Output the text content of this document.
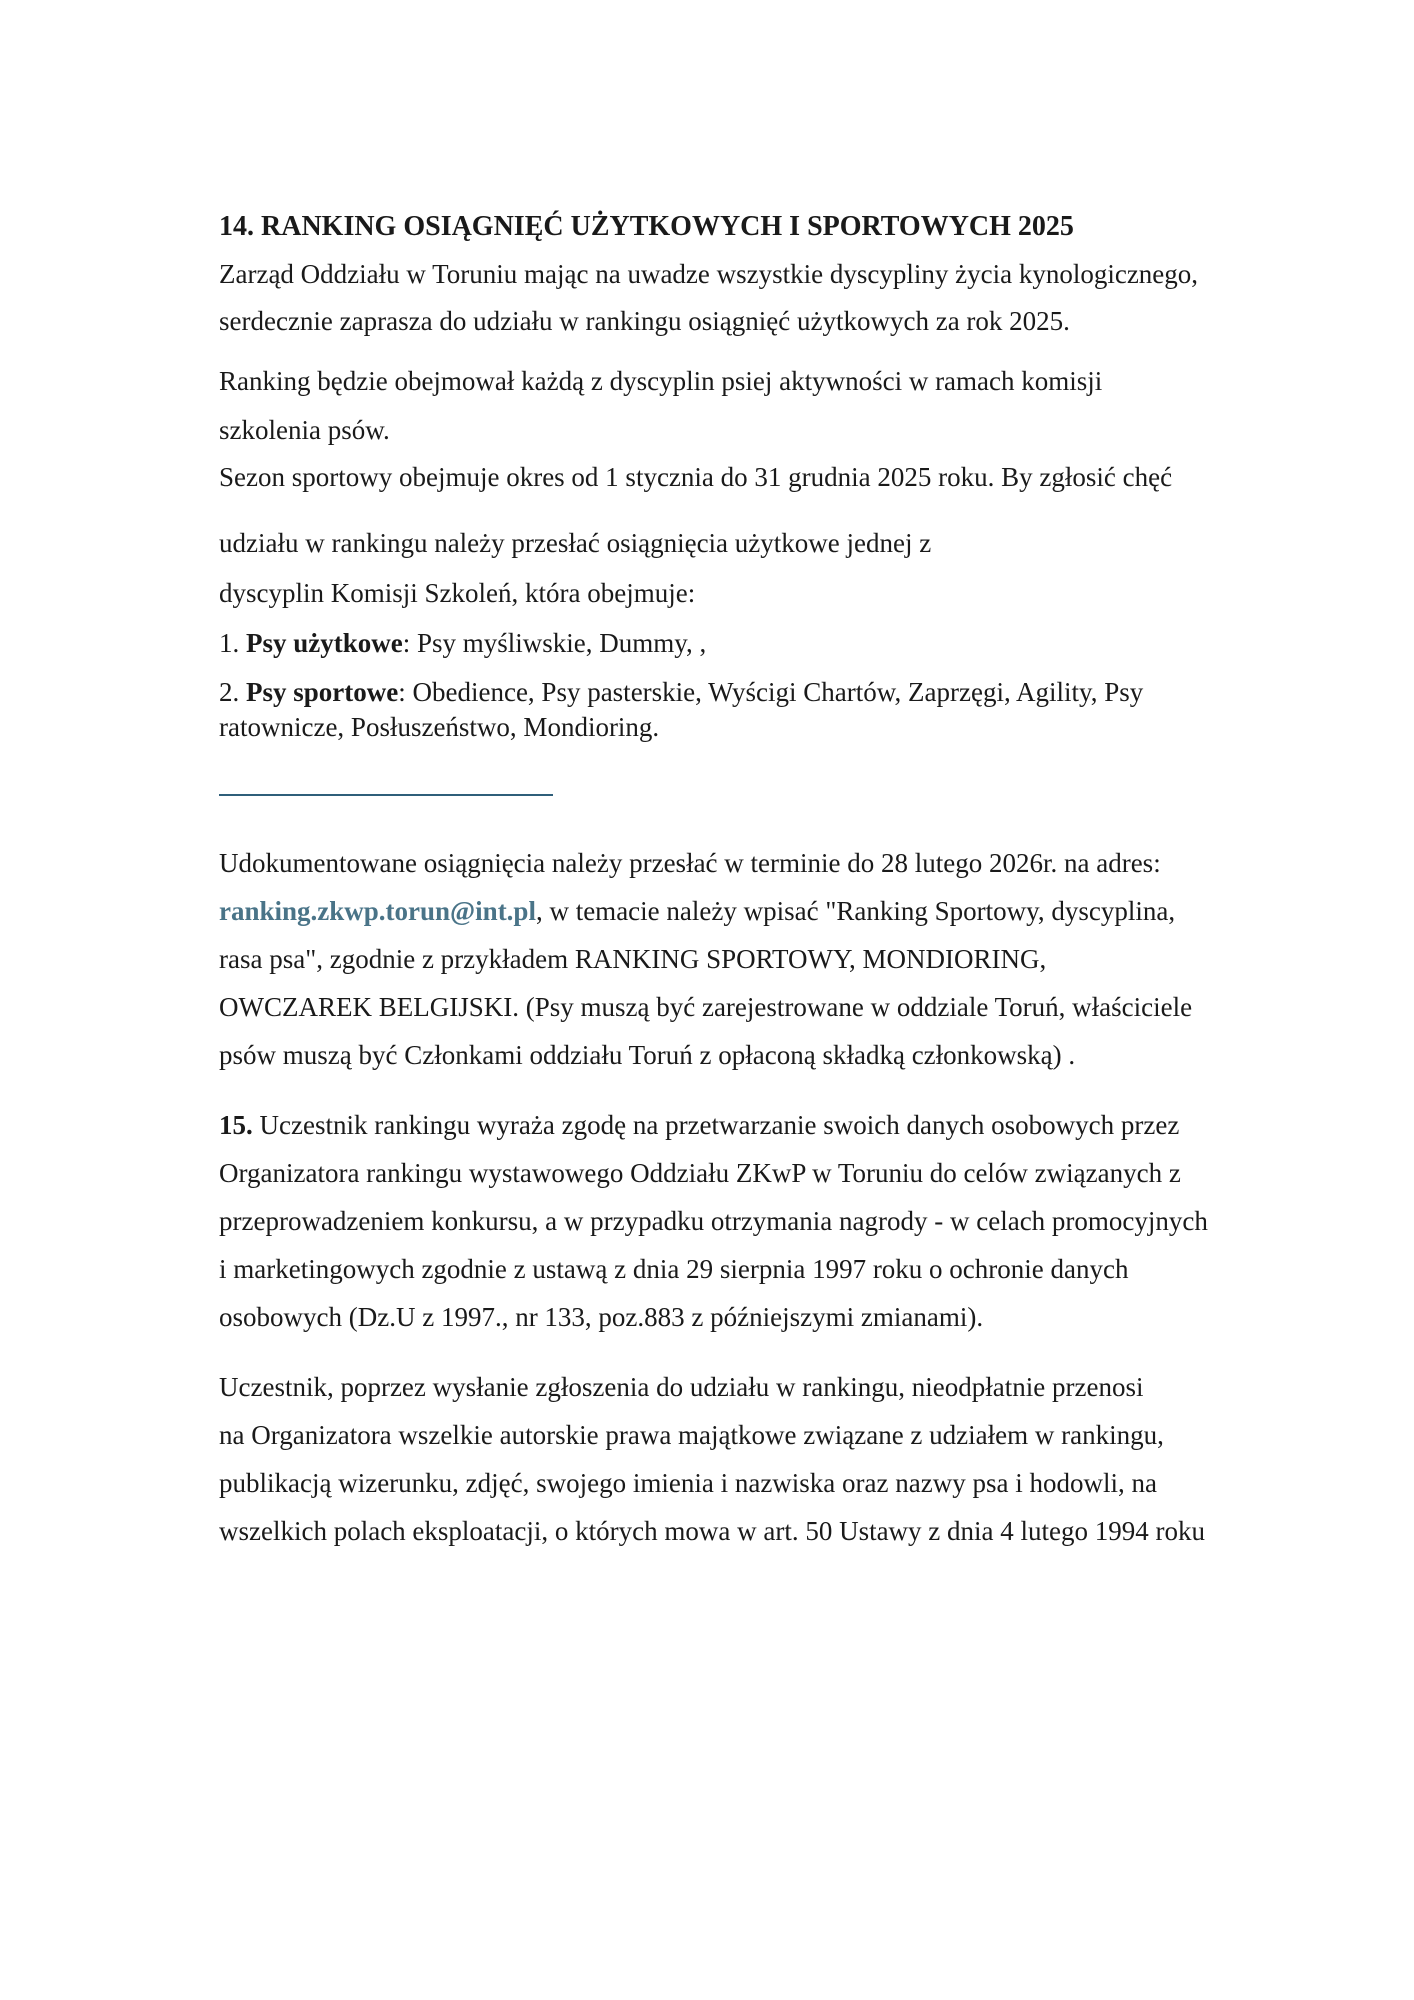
14. RANKING OSIĄGNIĘĆ UŻYTKOWYCH I SPORTOWYCH 2025
Zarząd Oddziału w Toruniu mając na uwadze wszystkie dyscypliny życia kynologicznego,
serdecznie zaprasza do udziału w rankingu osiągnięć użytkowych za rok 2025.
Ranking będzie obejmował każdą z dyscyplin psiej aktywności w ramach komisji
szkolenia psów.
Sezon sportowy obejmuje okres od 1 stycznia do 31 grudnia 2025 roku. By zgłosić chęć
udziału w rankingu należy przesłać osiągnięcia użytkowe jednej z
dyscyplin Komisji Szkoleń, która obejmuje:
1. Psy użytkowe: Psy myśliwskie, Dummy, ,
2. Psy sportowe: Obedience, Psy pasterskie, Wyścigi Chartów, Zaprzęgi, Agility, Psy
ratownicze, Posłuszeństwo, Mondioring.
Udokumentowane osiągnięcia należy przesłać w terminie do 28 lutego 2026r. na adres:
ranking.zkwp.torun@int.pl, w temacie należy wpisać "Ranking Sportowy, dyscyplina,
rasa psa", zgodnie z przykładem RANKING SPORTOWY, MONDIORING,
OWCZAREK BELGIJSKI. (Psy muszą być zarejestrowane w oddziale Toruń, właściciele
psów muszą być Członkami oddziału Toruń z opłaconą składką członkowską) .
15. Uczestnik rankingu wyraża zgodę na przetwarzanie swoich danych osobowych przez
Organizatora rankingu wystawowego Oddziału ZKwP w Toruniu do celów związanych z
przeprowadzeniem konkursu, a w przypadku otrzymania nagrody - w celach promocyjnych
i marketingowych zgodnie z ustawą z dnia 29 sierpnia 1997 roku o ochronie danych
osobowych (Dz.U z 1997., nr 133, poz.883 z późniejszymi zmianami).
Uczestnik, poprzez wysłanie zgłoszenia do udziału w rankingu, nieodpłatnie przenosi
na Organizatora wszelkie autorskie prawa majątkowe związane z udziałem w rankingu,
publikacją wizerunku, zdjęć, swojego imienia i nazwiska oraz nazwy psa i hodowli, na
wszelkich polach eksploatacji, o których mowa w art. 50 Ustawy z dnia 4 lutego 1994 roku
